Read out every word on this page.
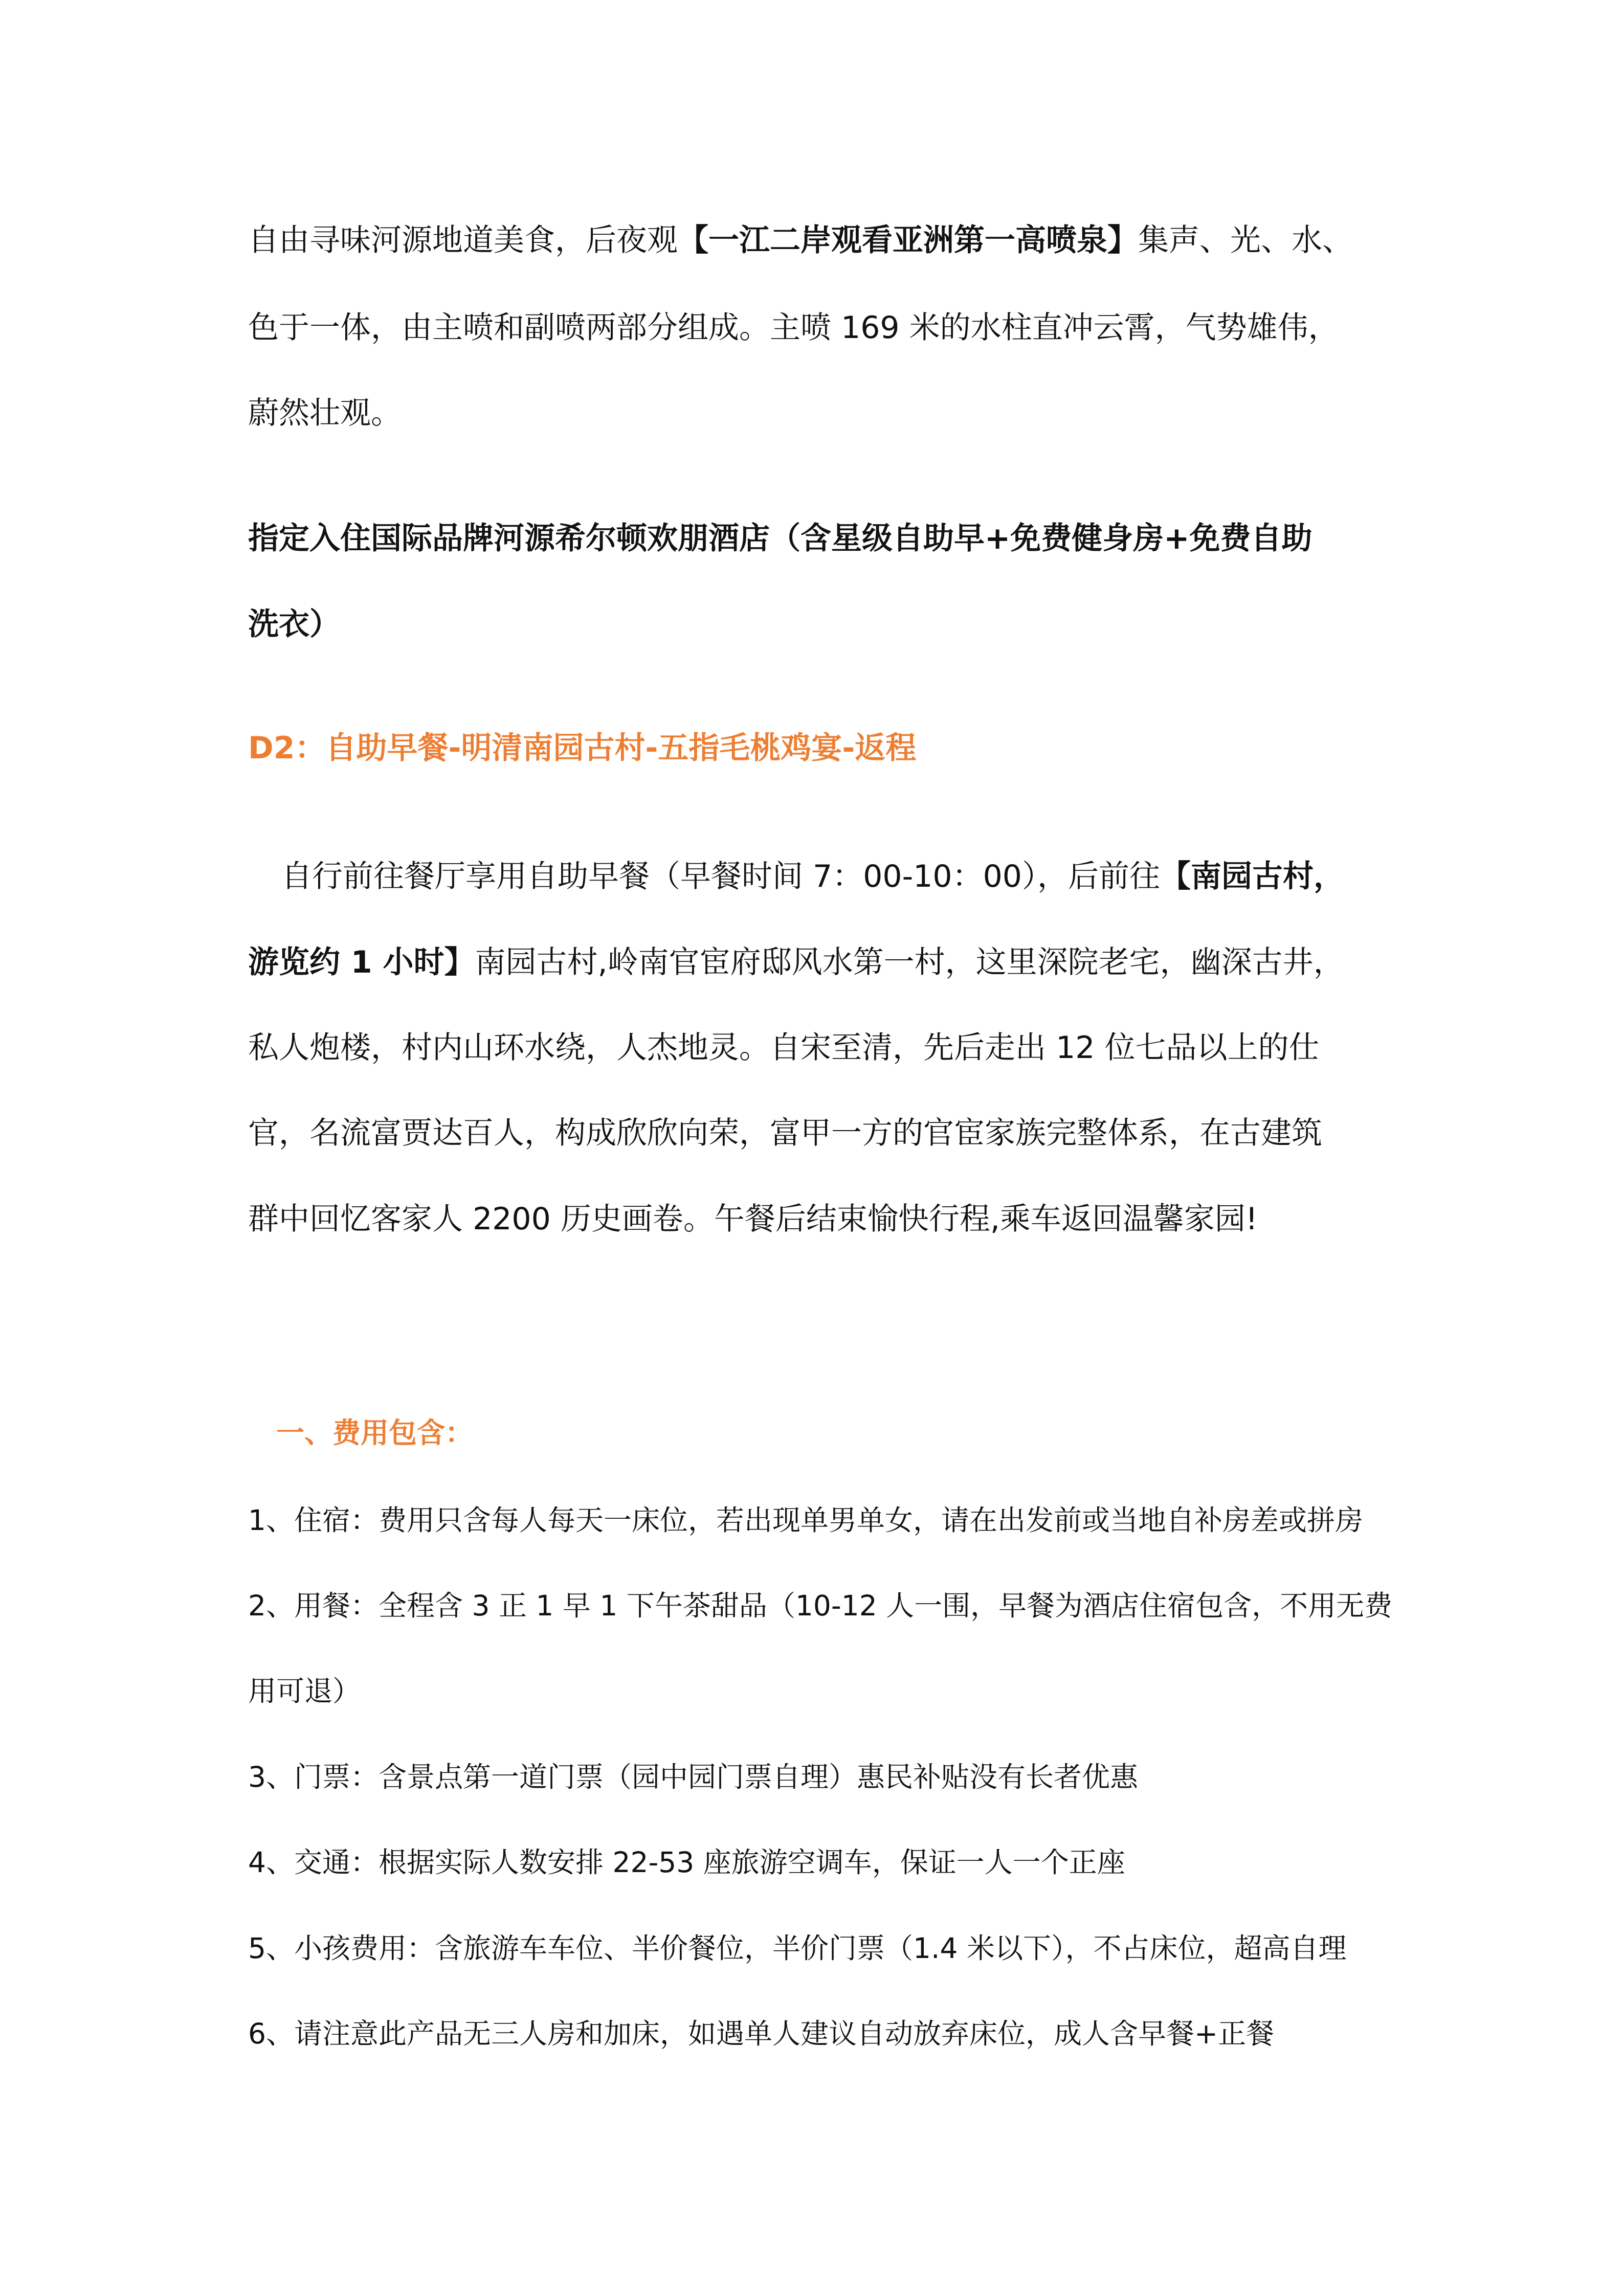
自由寻味河源地道美食，后夜观【一江二岸观看亚洲第一高喷泉】集声、光、水、
色于一体，由主喷和副喷两部分组成。主喷 169 米的水柱直冲云霄，气势雄伟，
蔚然壮观。
指定入住国际品牌河源希尔顿欢朋酒店（含星级自助早+免费健身房+免费自助
洗衣）
D2：自助早餐-明清南园古村-五指毛桃鸡宴-返程
自行前往餐厅享用自助早餐（早餐时间 7：00-10：00），后前往【南园古村，
游览约 1 小时】南园古村,岭南官宦府邸风水第一村，这里深院老宅，幽深古井，
私人炮楼，村内山环水绕，人杰地灵。自宋至清，先后走出 12 位七品以上的仕
官，名流富贾达百人，构成欣欣向荣，富甲一方的官宦家族完整体系，在古建筑
群中回忆客家人 2200 历史画卷。午餐后结束愉快行程,乘车返回温馨家园!
一、费用包含：
1、住宿：费用只含每人每天一床位，若出现单男单女，请在出发前或当地自补房差或拼房
2、用餐：全程含 3 正 1 早 1 下午茶甜品（10-12 人一围，早餐为酒店住宿包含，不用无费
用可退）
3、门票：含景点第一道门票（园中园门票自理）惠民补贴没有长者优惠
4、交通：根据实际人数安排 22-53 座旅游空调车，保证一人一个正座
5、小孩费用：含旅游车车位、半价餐位，半价门票（1.4 米以下），不占床位，超高自理
6、请注意此产品无三人房和加床，如遇单人建议自动放弃床位，成人含早餐+正餐
